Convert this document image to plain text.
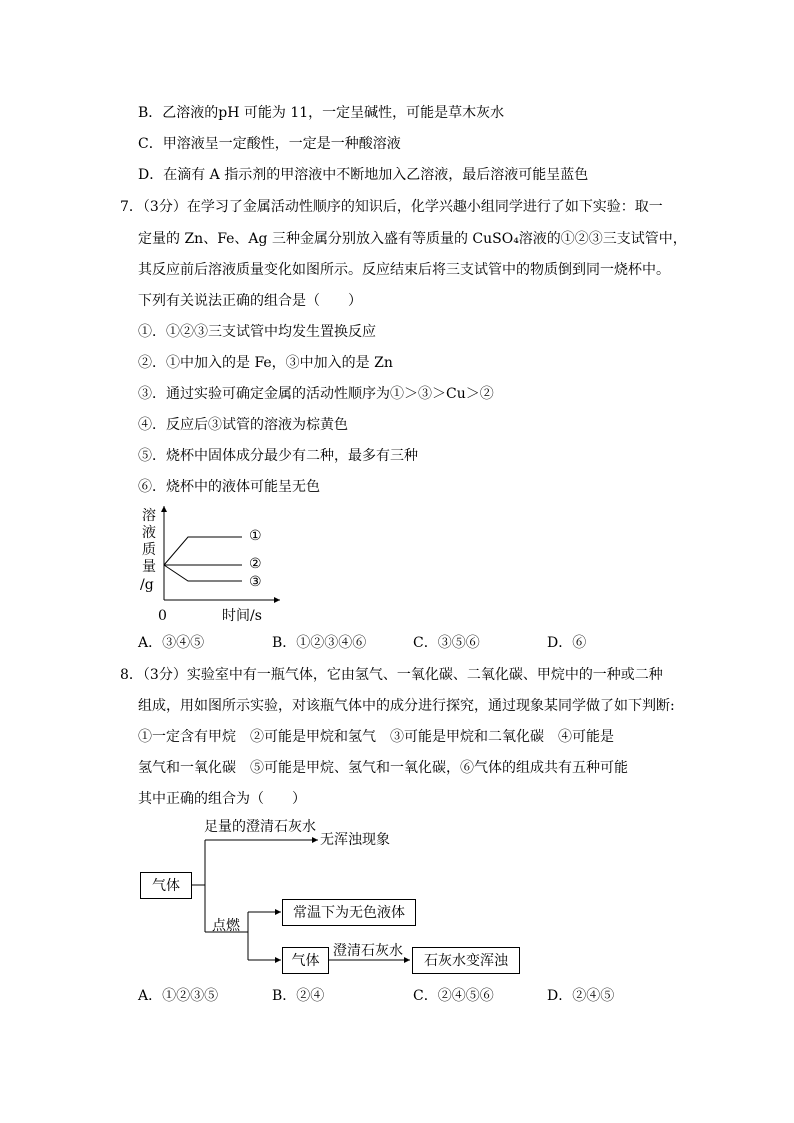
B．乙溶液的pH 可能为 11，一定呈碱性，可能是草木灰水
C．甲溶液呈一定酸性，一定是一种酸溶液
D．在滴有 A 指示剂的甲溶液中不断地加入乙溶液，最后溶液可能呈蓝色
7．（3分）在学习了金属活动性顺序的知识后，化学兴趣小组同学进行了如下实验：取一
定量的 Zn、Fe、Ag 三种金属分别放入盛有等质量的 CuSO₄溶液的①②③三支试管中，
其反应前后溶液质量变化如图所示。反应结束后将三支试管中的物质倒到同一烧杯中。
下列有关说法正确的组合是（　　）
①．①②③三支试管中均发生置换反应
②．①中加入的是 Fe，③中加入的是 Zn
③．通过实验可确定金属的活动性顺序为①＞③＞Cu＞②
④．反应后③试管的溶液为棕黄色
⑤．烧杯中固体成分最少有二种，最多有三种
⑥．烧杯中的液体可能呈无色
溶
液
质
量
/g
0	时间/s
①
②
③
A．③④⑤	B．①②③④⑥	C．③⑤⑥	D．⑥
8．（3分）实验室中有一瓶气体，它由氢气、一氧化碳、二氧化碳、甲烷中的一种或二种
组成，用如图所示实验，对该瓶气体中的成分进行探究，通过现象某同学做了如下判断:
①一定含有甲烷　②可能是甲烷和氢气　③可能是甲烷和二氧化碳　④可能是
氢气和一氧化碳　⑤可能是甲烷、氢气和一氧化碳，⑥气体的组成共有五种可能
其中正确的组合为（　　）
气体
足量的澄清石灰水
无浑浊现象
点燃
常温下为无色液体
气体
澄清石灰水
石灰水变浑浊
A．①②③⑤	B．②④	C．②④⑤⑥	D．②④⑤
